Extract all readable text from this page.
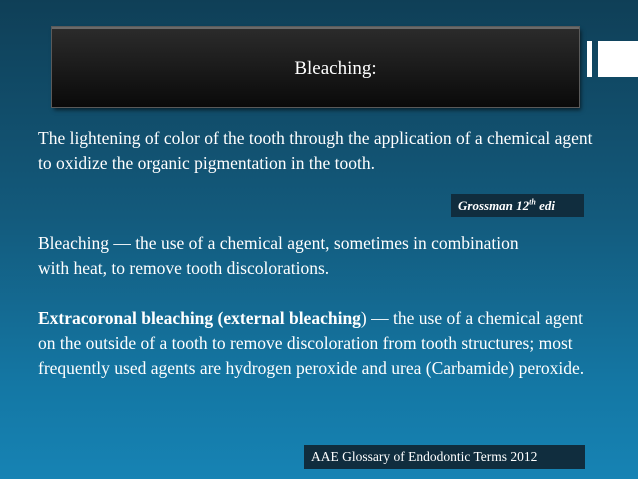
Bleaching:

The lightening of color of the tooth through the application of a chemical agent to oxidize the organic pigmentation in the tooth.

Grossman 12th edi

Bleaching — the use of a chemical agent, sometimes in combination with heat, to remove tooth discolorations.

Extracoronal bleaching (external bleaching) — the use of a chemical agent on the outside of a tooth to remove discoloration from tooth structures; most frequently used agents are hydrogen peroxide and urea (Carbamide) peroxide.

AAE Glossary of Endodontic Terms 2012
